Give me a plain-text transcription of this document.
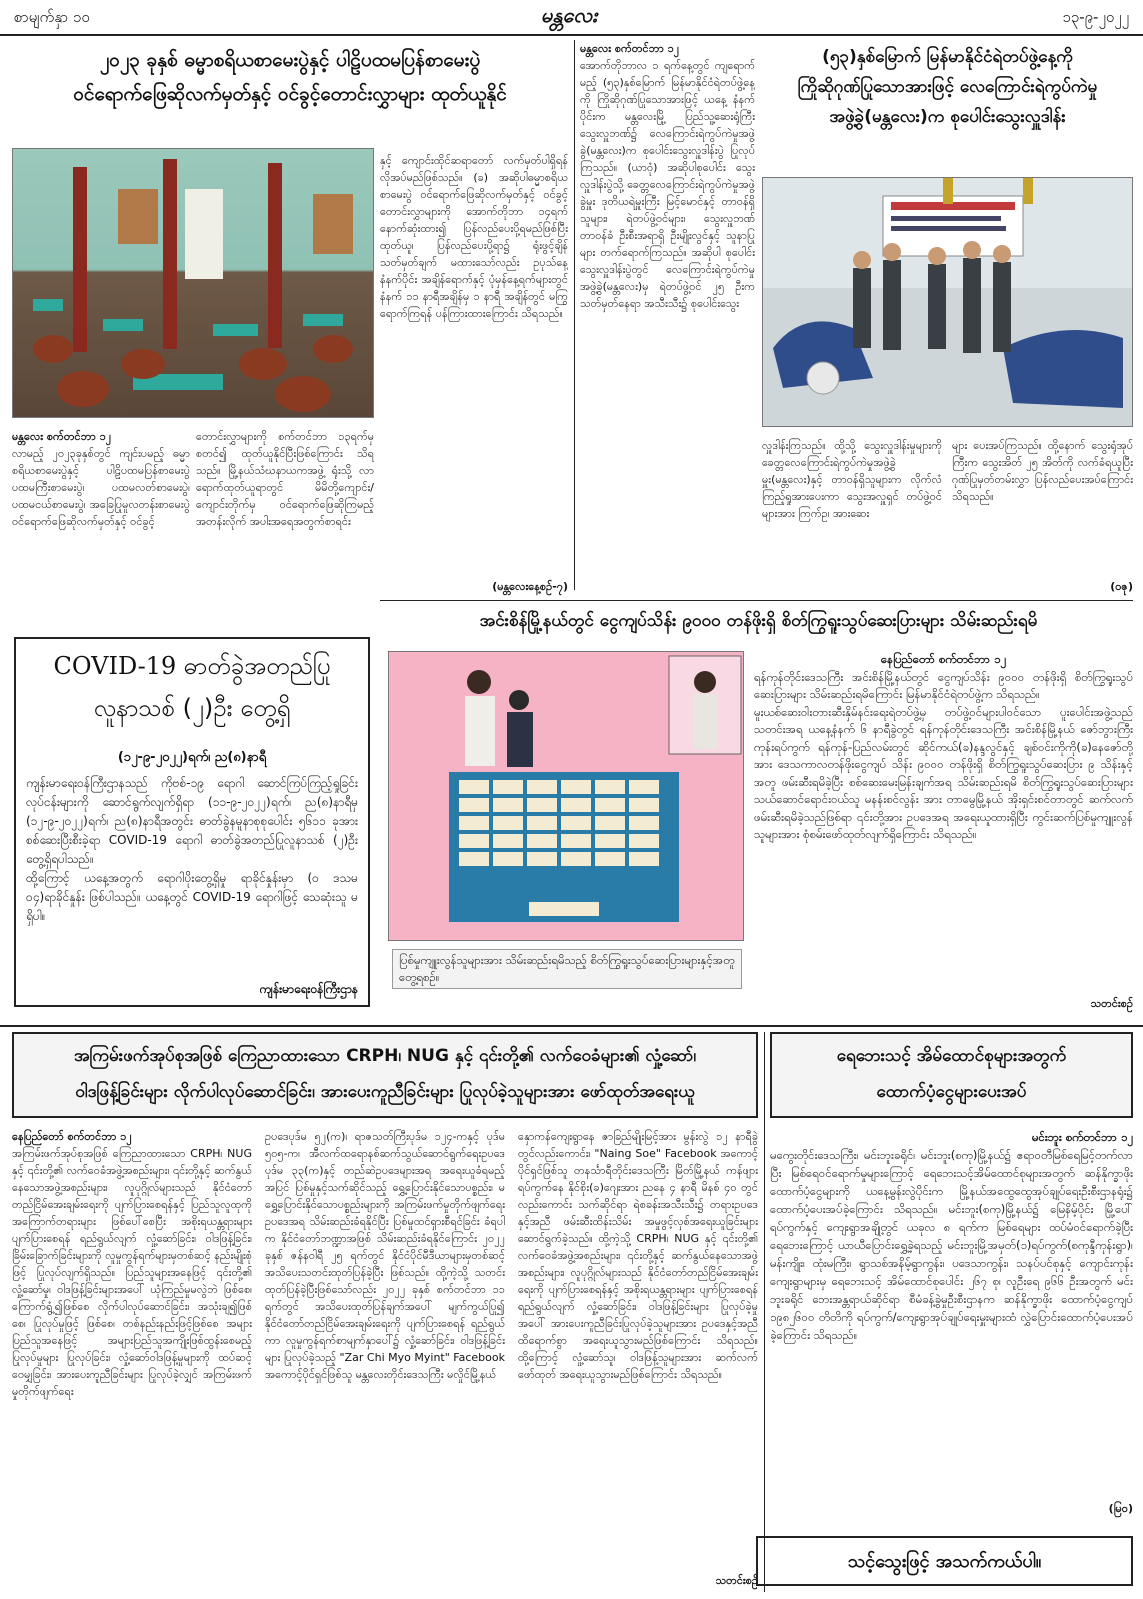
စာမျက်နှာ ၁၀	မန္တလေး	၁၃-၉-၂၀၂၂
၂၀၂၃ ခုနှစ် ဓမ္မာစရိယစာမေးပွဲနှင့် ပါဠိပထမပြန်စာမေးပွဲ
ဝင်ရောက်ဖြေဆိုလက်မှတ်နှင့် ဝင်ခွင့်တောင်းလွှာများ ထုတ်ယူနိုင်

နှင့် ကျောင်းထိုင်ဆရာတော် လက်မှတ်ပါရှိရန် လိုအပ်မည်ဖြစ်သည်။ (ခ) အဆိုပါဓမ္မာစရိယစာမေးပွဲ ဝင်ရောက်ဖြေဆိုလက်မှတ်နှင့် ဝင်ခွင့်တောင်းလွှာများကို အောက်တိုဘာ ၁၄ရက် နောက်ဆုံးထား၍ ပြန်လည်ပေးပို့ရမည်ဖြစ်ပြီး ထုတ်ယူ၊ ပြန်လည်ပေးပို့ရာ၌ ရုံးဖွင့်ချိန် သတ်မှတ်ချက် မထားသော်လည်း ဥပုသ်နေ့ နံနက်ပိုင်း အချိန်ရောက်နှင့် ပုံမှန်နေ့ရက်များတွင် နံနက် ၁၁ နာရီအချိန်မှ ၁ နာရီ အချိန်တွင် မကြွရောက်ကြရန် ပန်ကြားထားကြောင်း သိရသည်။

(မန္တလေးနေ့စဉ်-၇)

မန္တလေး စက်တင်ဘာ ၁၂

လာမည့် ၂၀၂၃ခုနှစ်တွင် ကျင်းပမည့် ဓမ္မာစရိယစာမေးပွဲနှင့် ပါဠိပထမပြန်စာမေးပွဲ ပထမကြီးစာမေးပွဲ၊ ပထမလတ်စာမေးပွဲ၊ ပထမငယ်စာမေးပွဲ၊ အခြေပြုမူလတန်းစာမေးပွဲ ဝင်ရောက်ဖြေဆိုလက်မှတ်နှင့် ဝင်ခွင့်

တောင်းလွှာများကို စက်တင်ဘာ ၁၃ရက်မှစတင်၍ ထုတ်ယူနိုင်ပြီးဖြစ်ကြောင်း သိရသည်။ မြို့နယ်သံဃနာယကအဖွဲ့ ရုံးသို့ လာရောက်ထုတ်ယူရာတွင် မိမိတို့ကျောင်း/ကျောင်းတိုက်မှ ဝင်ရောက်ဖြေဆိုကြမည့် အတန်းလိုက် အပါးအရေအတွက်စာရင်း

မန္တလေး စက်တင်ဘာ ၁၂

အောက်တိုဘာလ ၁ ရက်နေ့တွင် ကျရောက်မည့် (၅၃)နှစ်မြောက် မြန်မာနိုင်ငံရဲတပ်ဖွဲ့နေ့ကို ကြိုဆိုဂုဏ်ပြုသောအားဖြင့် ယနေ့ နံနက်ပိုင်းက မန္တလေးမြို့ ပြည်သူ့ဆေးရုံကြီး သွေးလှူဘဏ်၌ လေကြောင်းရဲကွပ်ကဲမှုအဖွဲ့ခွဲ(မန္တလေး)က စုပေါင်းသွေးလှူဒါန်းပွဲ ပြုလုပ်ကြသည်။ (ယာဝုံ) အဆိုပါစုပေါင်း သွေးလှူဒါန်းပွဲသို့ ခေတ္တလေကြောင်းရဲကွပ်ကဲမှုအဖွဲ့ခွဲမှူး ဒုတိယရဲမှူးကြီး မြင့်မောင်နှင့် တာဝန်ရှိသူများ၊ ရဲတပ်ဖွဲ့ဝင်များ၊ သွေးလှူဘဏ်တာဝန်ခံ ဦးစီးအရာရှိ ဦးမျိုးလွင်နှင့် သူနာပြုများ တက်ရောက်ကြသည်။ အဆိုပါ စုပေါင်းသွေးလှူဒါန်းပွဲတွင် လေကြောင်းရဲကွပ်ကဲမှုအဖွဲ့ခွဲ(မန္တလေး)မှ ရဲတပ်ဖွဲ့ဝင် ၂၅ ဦးက သတ်မှတ်နေရာ အသီးသီး၌ စုပေါင်းသွေး

(၅၃)နှစ်မြောက် မြန်မာနိုင်ငံရဲတပ်ဖွဲ့နေ့ကို
ကြိုဆိုဂုဏ်ပြုသောအားဖြင့် လေကြောင်းရဲကွပ်ကဲမှု
အဖွဲ့ခွဲ(မန္တလေး)က စုပေါင်းသွေးလှူဒါန်း

လှူဒါန်းကြသည်။ ထို့သို့ သွေးလှူဒါန်းမှုများကို ခေတ္တလေကြောင်းရဲကွပ်ကဲမှုအဖွဲ့ခွဲမှူး(မန္တလေး)နှင့် တာဝန်ရှိသူများက လိုက်လံကြည့်ရှုအားပေးကာ သွေးအလှူရှင် တပ်ဖွဲ့ဝင်များအား ကြက်ဥ၊ အားဆေး

များ ပေးအပ်ကြသည်။ ထို့နောက် သွေးရုံအုပ်ကြီးက သွေးအိတ် ၂၅ အိတ်ကို လက်ခံရယူပြီး ဂုဏ်ပြုမှတ်တမ်းလွှာ ပြန်လည်ပေးအပ်ကြောင်း သိရသည်။

(ဝဇု)
COVID-19 ဓာတ်ခွဲအတည်ပြု
လူနာသစ် (၂)ဦး တွေ့ရှိ
(၁၂-၉-၂၀၂၂)ရက်၊ ည(၈)နာရီ

ကျန်းမာရေးဝန်ကြီးဌာနသည် ကိုဗစ်-၁၉ ရောဂါ ဆောင်ကြပ်ကြည့်ရှုခြင်းလုပ်ငန်းများကို ဆောင်ရွက်လျက်ရှိရာ (၁၁-၉-၂၀၂၂)ရက်၊ ည(၈)နာရီမှ (၁၂-၉-၂၀၂၂)ရက်၊ ည(၈)နာရီအတွင်း ဓာတ်ခွဲနမူနာစုစုပေါင်း ၅၆၁၁ ခုအား စစ်ဆေးပြီးစီးခဲ့ရာ COVID-19 ရောဂါ ဓာတ်ခွဲအတည်ပြုလူနာသစ် (၂)ဦး တွေ့ရှိရပါသည်။

ထို့ကြောင့် ယနေ့အတွက် ရောဂါပိုးတွေ့ရှိမှု ရာခိုင်နှုန်းမှာ (၀ ဒသမ ၀၄)ရာခိုင်နှုန်း ဖြစ်ပါသည်။ ယနေ့တွင် COVID-19 ရောဂါဖြင့် သေဆုံးသူ မရှိပါ။

ကျန်းမာရေးဝန်ကြီးဌာန
အင်းစိန်မြို့နယ်တွင် ငွေကျပ်သိန်း ၉၀၀၀ တန်ဖိုးရှိ စိတ်ကြွရူးသွပ်ဆေးပြားများ သိမ်းဆည်းရမိ
ပြစ်မှုကျူးလွန်သူများအား သိမ်းဆည်းရမိသည့် စိတ်ကြွရူးသွပ်ဆေးပြားများနှင့်အတူ တွေ့ရစဉ်။

နေပြည်တော် စက်တင်ဘာ ၁၂

ရန်ကုန်တိုင်းဒေသကြီး အင်းစိန်မြို့နယ်တွင် ငွေကျပ်သိန်း ၉၀၀၀ တန်ဖိုးရှိ စိတ်ကြွရူးသွပ်ဆေးပြားများ သိမ်းဆည်းရမိကြောင်း မြန်မာနိုင်ငံရဲတပ်ဖွဲ့က သိရသည်။

မူးယစ်ဆေးဝါးတားဆီးနှိမ်နင်းရေးရဲတပ်ဖွဲ့မှ တပ်ဖွဲ့ဝင်များပါဝင်သော ပူးပေါင်းအဖွဲ့သည် သတင်းအရ ယနေ့နံနက် ၆ နာရီခွဲတွင် ရန်ကုန်တိုင်းဒေသကြီး အင်းစိန်မြို့နယ် ဇော်ဘွားကြီးကုန်းရပ်ကွက် ရန်ကုန်-ပြည်လမ်းတွင် ဆိုင်ကယ်(ခ)နန္ဒလွင်နှင့် ချစ်ဝင်းကိုကို(ခ)နေဇော်တို့အား ဒေသကာလတန်ဖိုးငွေကျပ် သိန်း ၉၀၀၀ တန်ဖိုးရှိ စိတ်ကြွရူးသွပ်ဆေးပြား ၉ သိန်းနှင့်အတူ ဖမ်းဆီးရမိခဲ့ပြီး စစ်ဆေးမေးမြန်းချက်အရ သိမ်းဆည်းရမိ စိတ်ကြွရူးသွပ်ဆေးပြားများ သယ်ဆောင်ရောင်းဝယ်သူ မနန်းစင်လွန်း အား တာမွေမြို့နယ် အိုးရှင်းစင်တာတွင် ဆက်လက်ဖမ်းဆီးရမိခဲ့သည်ဖြစ်ရာ ၎င်းတို့အား ဥပဒေအရ အရေးယူထားရှိပြီး ကွင်းဆက်ပြစ်မှုကျူးလွန်သူများအား စုံစမ်းဖော်ထုတ်လျက်ရှိကြောင်း သိရသည်။

သတင်းစဉ်
အကြမ်းဖက်အုပ်စုအဖြစ် ကြေညာထားသော CRPH၊ NUG နှင့် ၎င်းတို့၏ လက်ဝေခံများ၏ လှုံ့ဆော်၊
ဝါဒဖြန့်ခြင်းများ လိုက်ပါလုပ်ဆောင်ခြင်း၊ အားပေးကူညီခြင်းများ ပြုလုပ်ခဲ့သူများအား ဖော်ထုတ်အရေးယူ

နေပြည်တော် စက်တင်ဘာ ၁၂

အကြမ်းဖက်အုပ်စုအဖြစ် ကြေညာထားသော CRPH၊ NUG နှင့် ၎င်းတို့၏ လက်ဝေခံအဖွဲ့အစည်းများ၊ ၎င်းတို့နှင့် ဆက်နွယ်နေသောအဖွဲ့အစည်းများ၊ လူပုဂ္ဂိုလ်များသည် နိုင်ငံတော်တည်ငြိမ်အေးချမ်းရေးကို ပျက်ပြားစေရန်နှင့် ပြည်သူလူထုကို အကြောက်တရားများ ဖြစ်ပေါ်စေပြီး အစိုးရယန္တရားများ ပျက်ပြားစေရန် ရည်ရွယ်လျက် လှုံ့ဆော်ခြင်း၊ ဝါဒဖြန့်ခြင်း၊ ခြိမ်းခြောက်ခြင်းများကို လူမှုကွန်ရက်များမှတစ်ဆင့် နည်းမျိုးစုံဖြင့် ပြုလုပ်လျက်ရှိသည်။ ပြည်သူများအနေဖြင့် ၎င်းတို့၏ လှုံ့ဆော်မှု၊ ဝါဒဖြန့်ခြင်းများအပေါ် ယုံကြည်မှုမလွဲဘဲ ဖြစ်စေ၊ ကြောက်ရွံ့၍ဖြစ်စေ လိုက်ပါလုပ်ဆောင်ခြင်း၊ အသုံးချ၍ဖြစ်စေ၊ ပြုလုပ်မှုဖြင့် ဖြစ်စေ၊ တစ်နည်းနည်းဖြင့်ဖြစ်စေ အများပြည်သူအနေဖြင့် အများပြည်သူအကျိုးဖြစ်ထွန်းစေမည့် ပြုလုပ်မှုများ ပြုလုပ်ခြင်း၊ လှုံ့ဆော်ဝါဒဖြန့်မှုများကို ထပ်ဆင့်ဝေမျှခြင်း၊ အားပေးကူညီခြင်းများ ပြုလုပ်ခဲ့လျှင် အကြမ်းဖက်မှုတိုက်ဖျက်ရေး

ဥပဒေပုဒ်မ ၅၂(က)၊ ရာဇသတ်ကြီးပုဒ်မ ၁၂၄-ကနှင့် ပုဒ်မ ၅၀၅-က၊ အီလက်ထရောနစ်ဆက်သွယ်ဆောင်ရွက်ရေးဥပဒေပုဒ်မ ၃၃(က)နှင့် တည်ဆဲဥပဒေများအရ အရေးယူခံရမည့်အပြင် ပြစ်မှုနှင့်သက်ဆိုင်သည့် ရွှေ့ပြောင်းနိုင်သောပစ္စည်း၊ မရွှေ့ပြောင်းနိုင်သောပစ္စည်းများကို အကြမ်းဖက်မှုတိုက်ဖျက်ရေးဥပဒေအရ သိမ်းဆည်းခံရနိုင်ပြီး ပြစ်မှုထင်ရှားစီရင်ခြင်း ခံရပါက နိုင်ငံတော်ဘဏ္ဍာအဖြစ် သိမ်းဆည်းခံရနိုင်ကြောင်း ၂၀၂၂ ခုနှစ် ဇန်နဝါရီ ၂၅ ရက်တွင် နိုင်ငံပိုင်မီဒီယာများမှတစ်ဆင့် အသိပေးသတင်းထုတ်ပြန်ခဲ့ပြီး ဖြစ်သည်။ ထို့ကဲ့သို့ သတင်းထုတ်ပြန်ခဲ့ပြီးဖြစ်သော်လည်း ၂၀၂၂ ခုနှစ် စက်တင်ဘာ ၁၁ ရက်တွင် အသိပေးထုတ်ပြန်ချက်အပေါ် မျက်ကွယ်ပြု၍ နိုင်ငံတော်တည်ငြိမ်အေးချမ်းရေးကို ပျက်ပြားစေရန် ရည်ရွယ်ကာ လူမှုကွန်ရက်စာမျက်နှာပေါ်၌ လှုံ့ဆော်ခြင်း၊ ဝါဒဖြန့်ခြင်းများ ပြုလုပ်ခဲ့သည့် "Zar Chi Myo Myint" Facebook အကောင့်ပိုင်ရှင်ဖြစ်သူ မန္တလေးတိုင်းဒေသကြီး မလှိုင်မြို့နယ်

နှောကန်ကျေးရွာနေ ဇာခြည်မျိုးမြင့်အား မွန်းလွဲ ၁၂ နာရီခွဲတွင်လည်းကောင်း၊ "Naing Soe" Facebook အကောင့်ပိုင်ရှင်ဖြစ်သူ တနင်္သာရီတိုင်းဒေသကြီး မြိတ်မြို့နယ် ကန်ဖျားရပ်ကွက်နေ နိုင်စိုး(ခ)ဂျေးအား ညနေ ၄ နာရီ မိနစ် ၄၀ တွင်လည်းကောင်း သက်ဆိုင်ရာ ရဲစခန်းအသီးသီး၌ တရားဥပဒေနှင့်အညီ ဖမ်းဆီးထိန်းသိမ်း အမှုဖွင့်လှစ်အရေးယူခြင်းများ ဆောင်ရွက်ခဲ့သည်။ ထို့ကဲ့သို့ CRPH၊ NUG နှင့် ၎င်းတို့၏ လက်ဝေခံအဖွဲ့အစည်းများ၊ ၎င်းတို့နှင့် ဆက်နွယ်နေသောအဖွဲ့အစည်းများ၊ လူပုဂ္ဂိုလ်များသည် နိုင်ငံတော်တည်ငြိမ်အေးချမ်းရေးကို ပျက်ပြားစေရန်နှင့် အစိုးရယန္တရားများ ပျက်ပြားစေရန် ရည်ရွယ်လျက် လှုံ့ဆော်ခြင်း၊ ဝါဒဖြန့်ခြင်းများ ပြုလုပ်ခဲ့မှုအပေါ် အားပေးကူညီခြင်းပြုလုပ်ခဲ့သူများအား ဥပဒေနှင့်အညီ ထိရောက်စွာ အရေးယူသွားမည်ဖြစ်ကြောင်း သိရသည်။ ထို့ကြောင့် လှုံ့ဆော်သူ၊ ဝါဒဖြန့်သူများအား ဆက်လက်ဖော်ထုတ် အရေးယူသွားမည်ဖြစ်ကြောင်း သိရသည်။

သတင်းစဉ်
ရေဘေးသင့် အိမ်ထောင်စုများအတွက်
ထောက်ပံ့ငွေများပေးအပ်

မင်းဘူး စက်တင်ဘာ ၁၂

မကွေးတိုင်းဒေသကြီး၊ မင်းဘူးခရိုင်၊ မင်းဘူး(စကု)မြို့နယ်၌ ဧရာဝတီမြစ်ရေမြင့်တက်လာပြီး မြစ်ရေဝင်ရောက်မှုများကြောင့် ရေဘေးသင့်အိမ်ထောင်စုများအတွက် ဆန်နိုက္ခာဖိုး ထောက်ပံ့ငွေများကို ယနေ့မွန်းလွဲပိုင်းက မြို့နယ်အထွေထွေအုပ်ချုပ်ရေးဦးစီးဌာနရုံး၌ ထောက်ပံ့ပေးအပ်ခဲ့ကြောင်း သိရသည်။ မင်းဘူး(စကု)မြို့နယ်၌ မြေနိမ့်ပိုင်း မြို့ပေါ်ရပ်ကွက်နှင့် ကျေးရွာအချို့တွင် ယခုလ ၈ ရက်က မြစ်ရေများ ထပ်မံဝင်ရောက်ခဲ့ပြီး ရေဘေးကြောင့် ယာယီပြောင်းရွှေ့ခဲ့ရသည့် မင်းဘူးမြို့အမှတ်(၁)ရပ်ကွက်(စကုန္ဒီကုန်းရွာ)၊ မန်းကျိုး၊ ထုံးမကြီး၊ ရွာသစ်အနိမ့်ရွာကွန်း၊ ပဒေသာကွန်း၊ သနပ်ပင်စုနှင့် ကျောင်းကုန်းကျေးရွာများမှ ရေဘေးသင့် အိမ်ထောင်စုပေါင်း ၂၆၇ စု၊ လူဦးရေ ၉၆၆ ဦးအတွက် မင်းဘူးခရိုင် ဘေးအန္တရာယ်ဆိုင်ရာ စီမံခန့်ခွဲမှုဦးစီးဌာနက ဆန်နိုက္ခာဖိုး ထောက်ပံ့ငွေကျပ် ၁၉၈၂၆၀၀ တိတိကို ရပ်ကွက်/ကျေးရွာအုပ်ချုပ်ရေးမှူးများထံ လွှဲပြောင်းထောက်ပံ့ပေးအပ်ခဲ့ကြောင်း သိရသည်။

(မြ၀)
သင့်သွေးဖြင့် အသက်ကယ်ပါ။
